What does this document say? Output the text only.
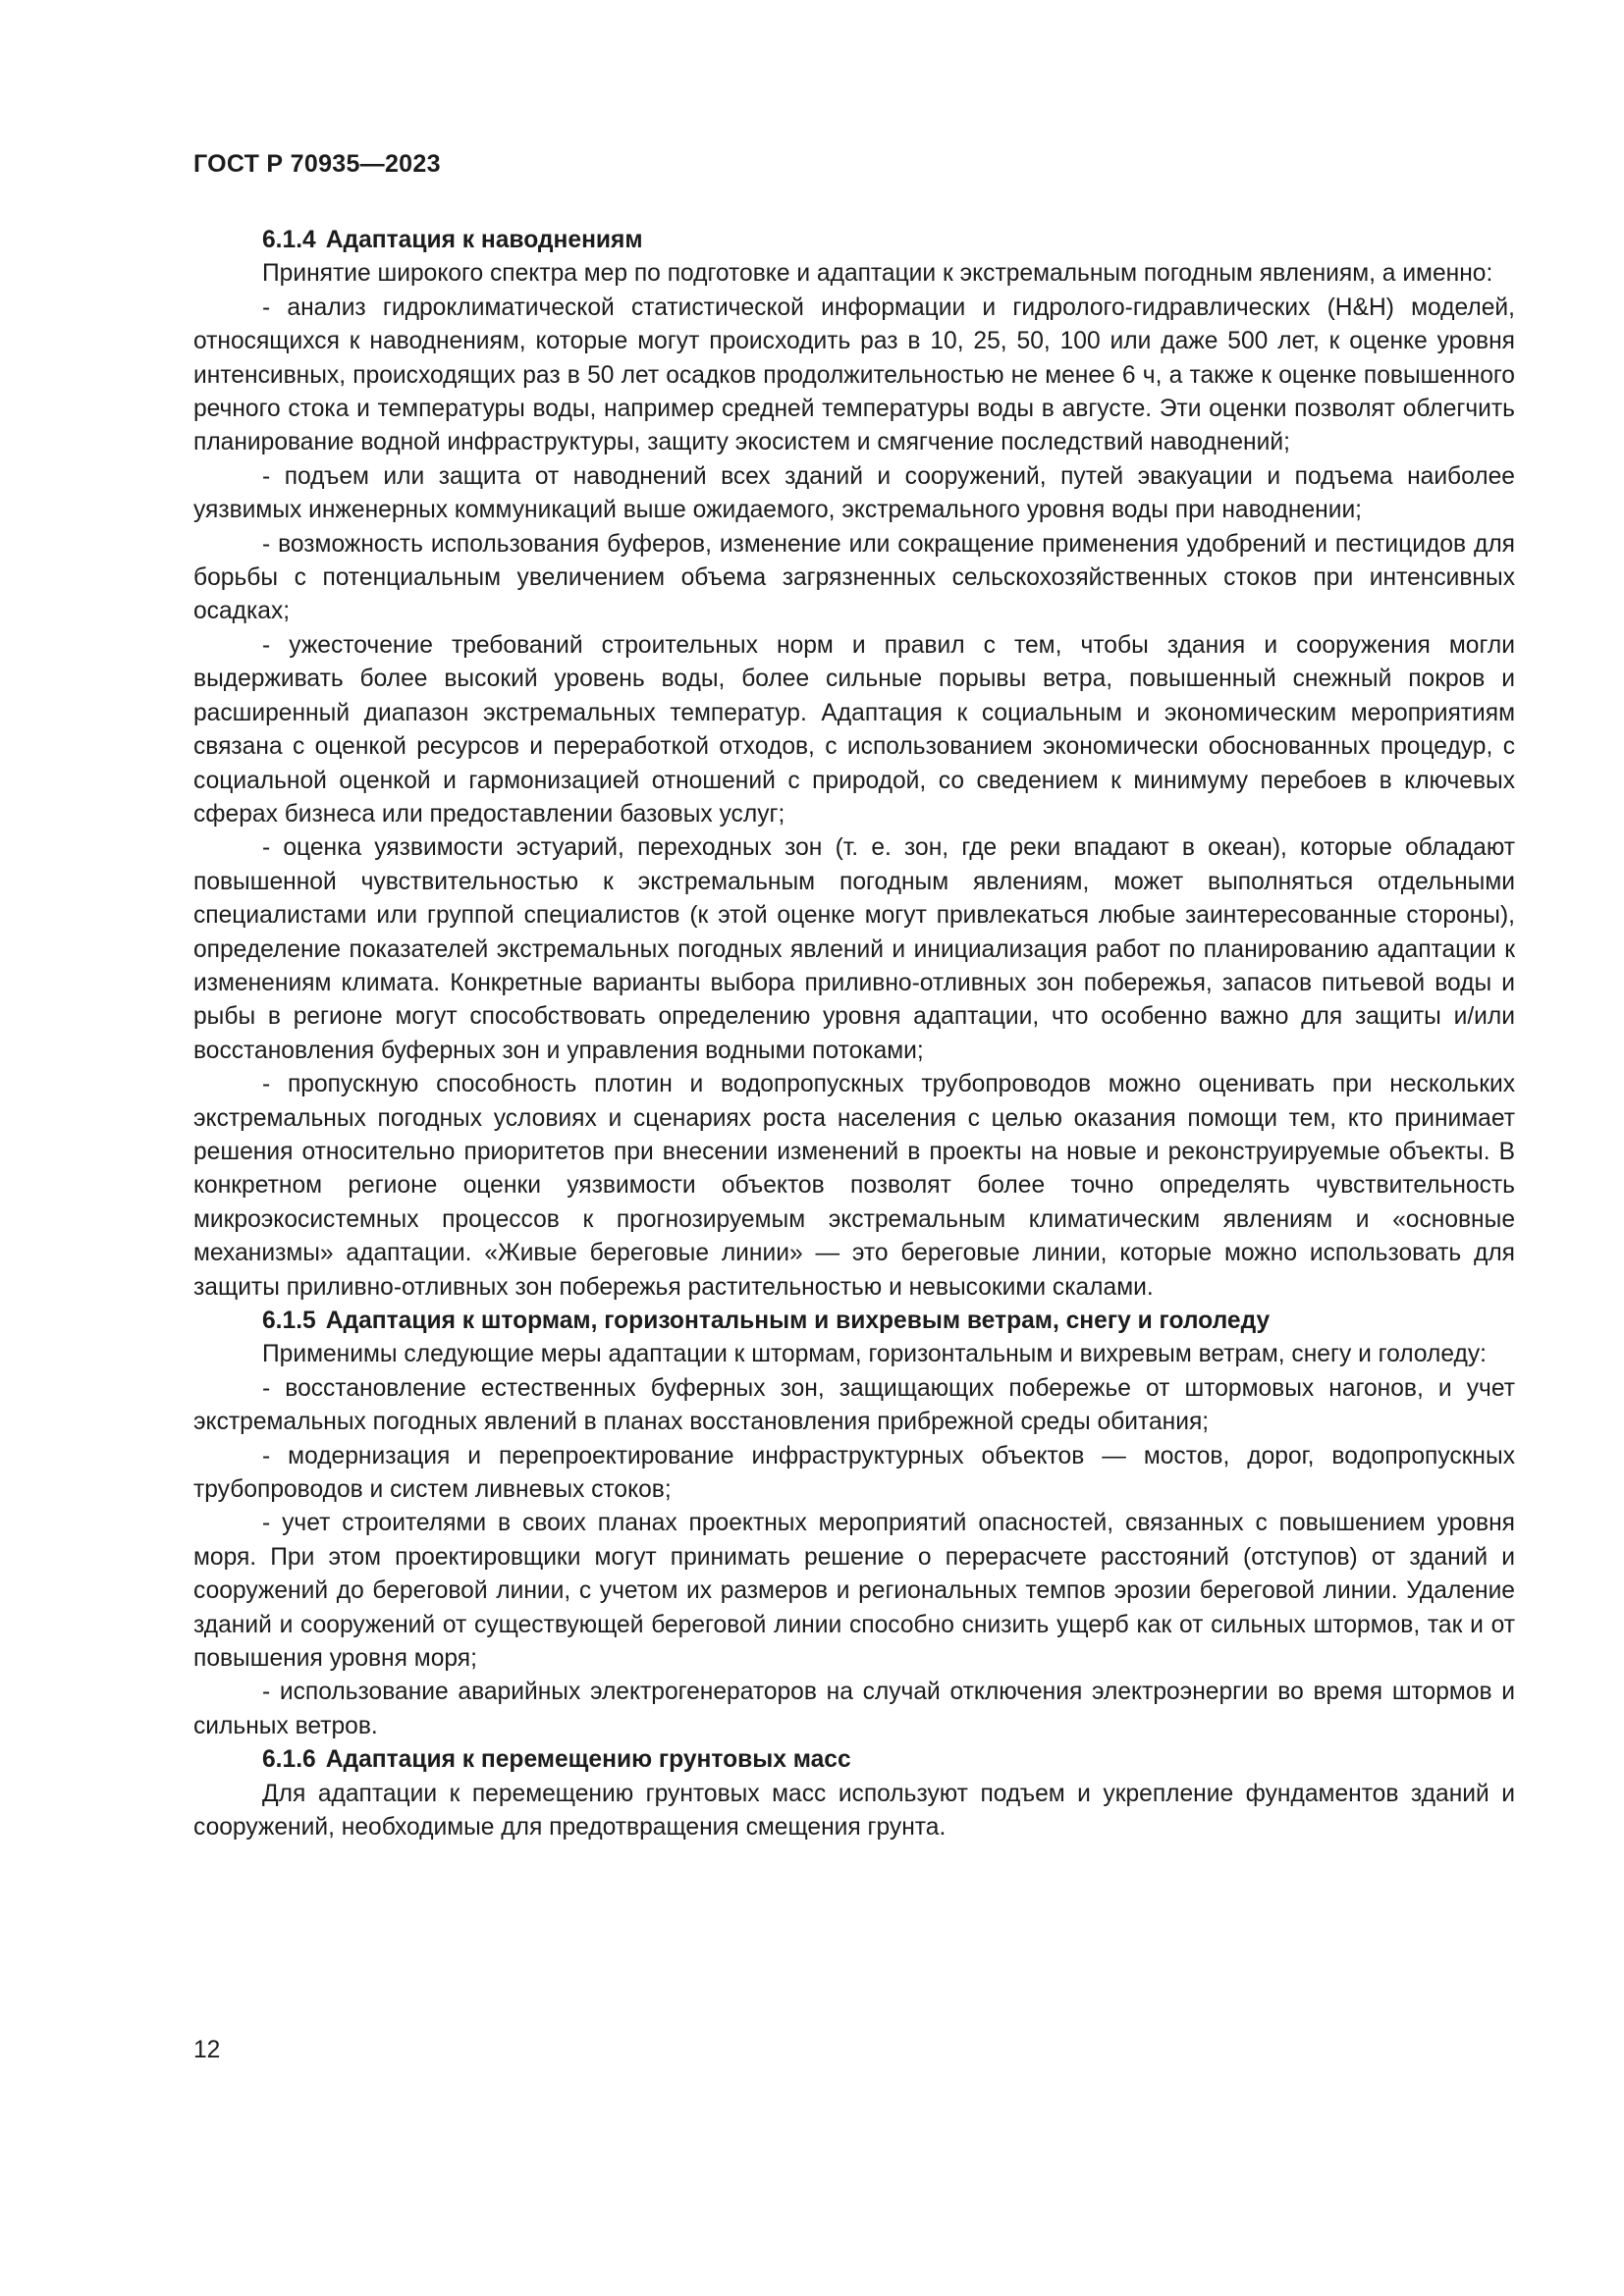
ГОСТ Р 70935—2023
6.1.4 Адаптация к наводнениям

Принятие широкого спектра мер по подготовке и адаптации к экстремальным погодным явлениям, а именно:

- анализ гидроклиматической статистической информации и гидролого-гидравлических (H&H) моделей, относящихся к наводнениям, которые могут происходить раз в 10, 25, 50, 100 или даже 500 лет, к оценке уровня интенсивных, происходящих раз в 50 лет осадков продолжительностью не менее 6 ч, а также к оценке повышенного речного стока и температуры воды, например средней температуры воды в августе. Эти оценки позволят облегчить планирование водной инфраструктуры, защиту экосистем и смягчение последствий наводнений;

- подъем или защита от наводнений всех зданий и сооружений, путей эвакуации и подъема наиболее уязвимых инженерных коммуникаций выше ожидаемого, экстремального уровня воды при наводнении;

- возможность использования буферов, изменение или сокращение применения удобрений и пестицидов для борьбы с потенциальным увеличением объема загрязненных сельскохозяйственных стоков при интенсивных осадках;

- ужесточение требований строительных норм и правил с тем, чтобы здания и сооружения могли выдерживать более высокий уровень воды, более сильные порывы ветра, повышенный снежный покров и расширенный диапазон экстремальных температур. Адаптация к социальным и экономическим мероприятиям связана с оценкой ресурсов и переработкой отходов, с использованием экономически обоснованных процедур, с социальной оценкой и гармонизацией отношений с природой, со сведением к минимуму перебоев в ключевых сферах бизнеса или предоставлении базовых услуг;

- оценка уязвимости эстуарий, переходных зон (т. е. зон, где реки впадают в океан), которые обладают повышенной чувствительностью к экстремальным погодным явлениям, может выполняться отдельными специалистами или группой специалистов (к этой оценке могут привлекаться любые заинтересованные стороны), определение показателей экстремальных погодных явлений и инициализация работ по планированию адаптации к изменениям климата. Конкретные варианты выбора приливно-отливных зон побережья, запасов питьевой воды и рыбы в регионе могут способствовать определению уровня адаптации, что особенно важно для защиты и/или восстановления буферных зон и управления водными потоками;

- пропускную способность плотин и водопропускных трубопроводов можно оценивать при нескольких экстремальных погодных условиях и сценариях роста населения с целью оказания помощи тем, кто принимает решения относительно приоритетов при внесении изменений в проекты на новые и реконструируемые объекты. В конкретном регионе оценки уязвимости объектов позволят более точно определять чувствительность микроэкосистемных процессов к прогнозируемым экстремальным климатическим явлениям и «основные механизмы» адаптации. «Живые береговые линии» — это береговые линии, которые можно использовать для защиты приливно-отливных зон побережья растительностью и невысокими скалами.

6.1.5 Адаптация к штормам, горизонтальным и вихревым ветрам, снегу и гололеду

Применимы следующие меры адаптации к штормам, горизонтальным и вихревым ветрам, снегу и гололеду:

- восстановление естественных буферных зон, защищающих побережье от штормовых нагонов, и учет экстремальных погодных явлений в планах восстановления прибрежной среды обитания;

- модернизация и перепроектирование инфраструктурных объектов — мостов, дорог, водопропускных трубопроводов и систем ливневых стоков;

- учет строителями в своих планах проектных мероприятий опасностей, связанных с повышением уровня моря. При этом проектировщики могут принимать решение о перерасчете расстояний (отступов) от зданий и сооружений до береговой линии, с учетом их размеров и региональных темпов эрозии береговой линии. Удаление зданий и сооружений от существующей береговой линии способно снизить ущерб как от сильных штормов, так и от повышения уровня моря;

- использование аварийных электрогенераторов на случай отключения электроэнергии во время штормов и сильных ветров.

6.1.6 Адаптация к перемещению грунтовых масс

Для адаптации к перемещению грунтовых масс используют подъем и укрепление фундаментов зданий и сооружений, необходимые для предотвращения смещения грунта.

12
